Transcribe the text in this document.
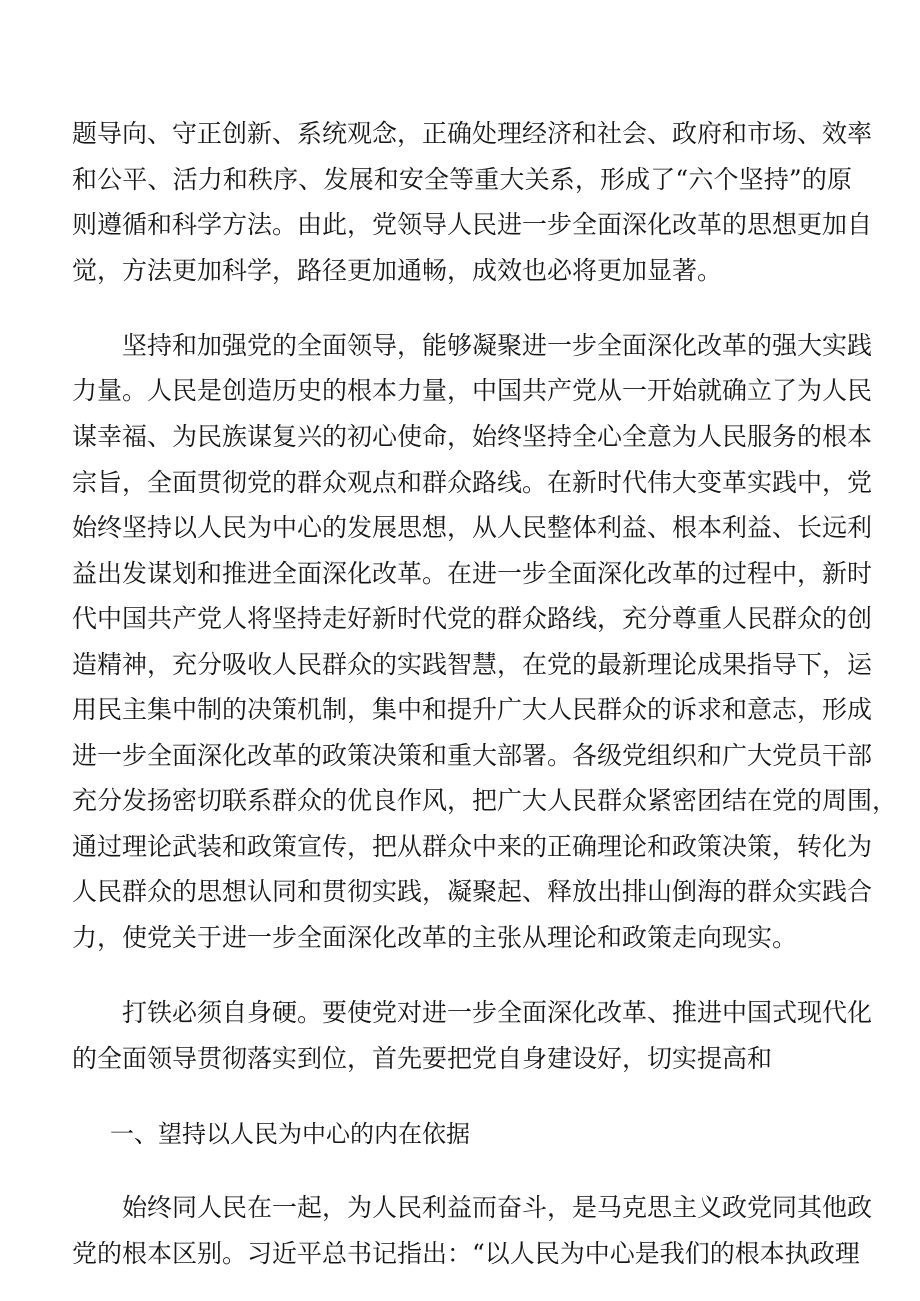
题导向、守正创新、系统观念，正确处理经济和社会、政府和市场、效率
和公平、活力和秩序、发展和安全等重大关系，形成了“六个坚持”的原
则遵循和科学方法。由此，党领导人民进一步全面深化改革的思想更加自
觉，方法更加科学，路径更加通畅，成效也必将更加显著。
坚持和加强党的全面领导，能够凝聚进一步全面深化改革的强大实践
力量。人民是创造历史的根本力量，中国共产党从一开始就确立了为人民
谋幸福、为民族谋复兴的初心使命，始终坚持全心全意为人民服务的根本
宗旨，全面贯彻党的群众观点和群众路线。在新时代伟大变革实践中，党
始终坚持以人民为中心的发展思想，从人民整体利益、根本利益、长远利
益出发谋划和推进全面深化改革。在进一步全面深化改革的过程中，新时
代中国共产党人将坚持走好新时代党的群众路线，充分尊重人民群众的创
造精神，充分吸收人民群众的实践智慧，在党的最新理论成果指导下，运
用民主集中制的决策机制，集中和提升广大人民群众的诉求和意志，形成
进一步全面深化改革的政策决策和重大部署。各级党组织和广大党员干部
充分发扬密切联系群众的优良作风，把广大人民群众紧密团结在党的周围，
通过理论武装和政策宣传，把从群众中来的正确理论和政策决策，转化为
人民群众的思想认同和贯彻实践，凝聚起、释放出排山倒海的群众实践合
力，使党关于进一步全面深化改革的主张从理论和政策走向现实。
打铁必须自身硬。要使党对进一步全面深化改革、推进中国式现代化
的全面领导贯彻落实到位，首先要把党自身建设好，切实提高和
一、望持以人民为中心的内在依据
始终同人民在一起，为人民利益而奋斗，是马克思主义政党同其他政
党的根本区别。习近平总书记指出：“以人民为中心是我们的根本执政理
